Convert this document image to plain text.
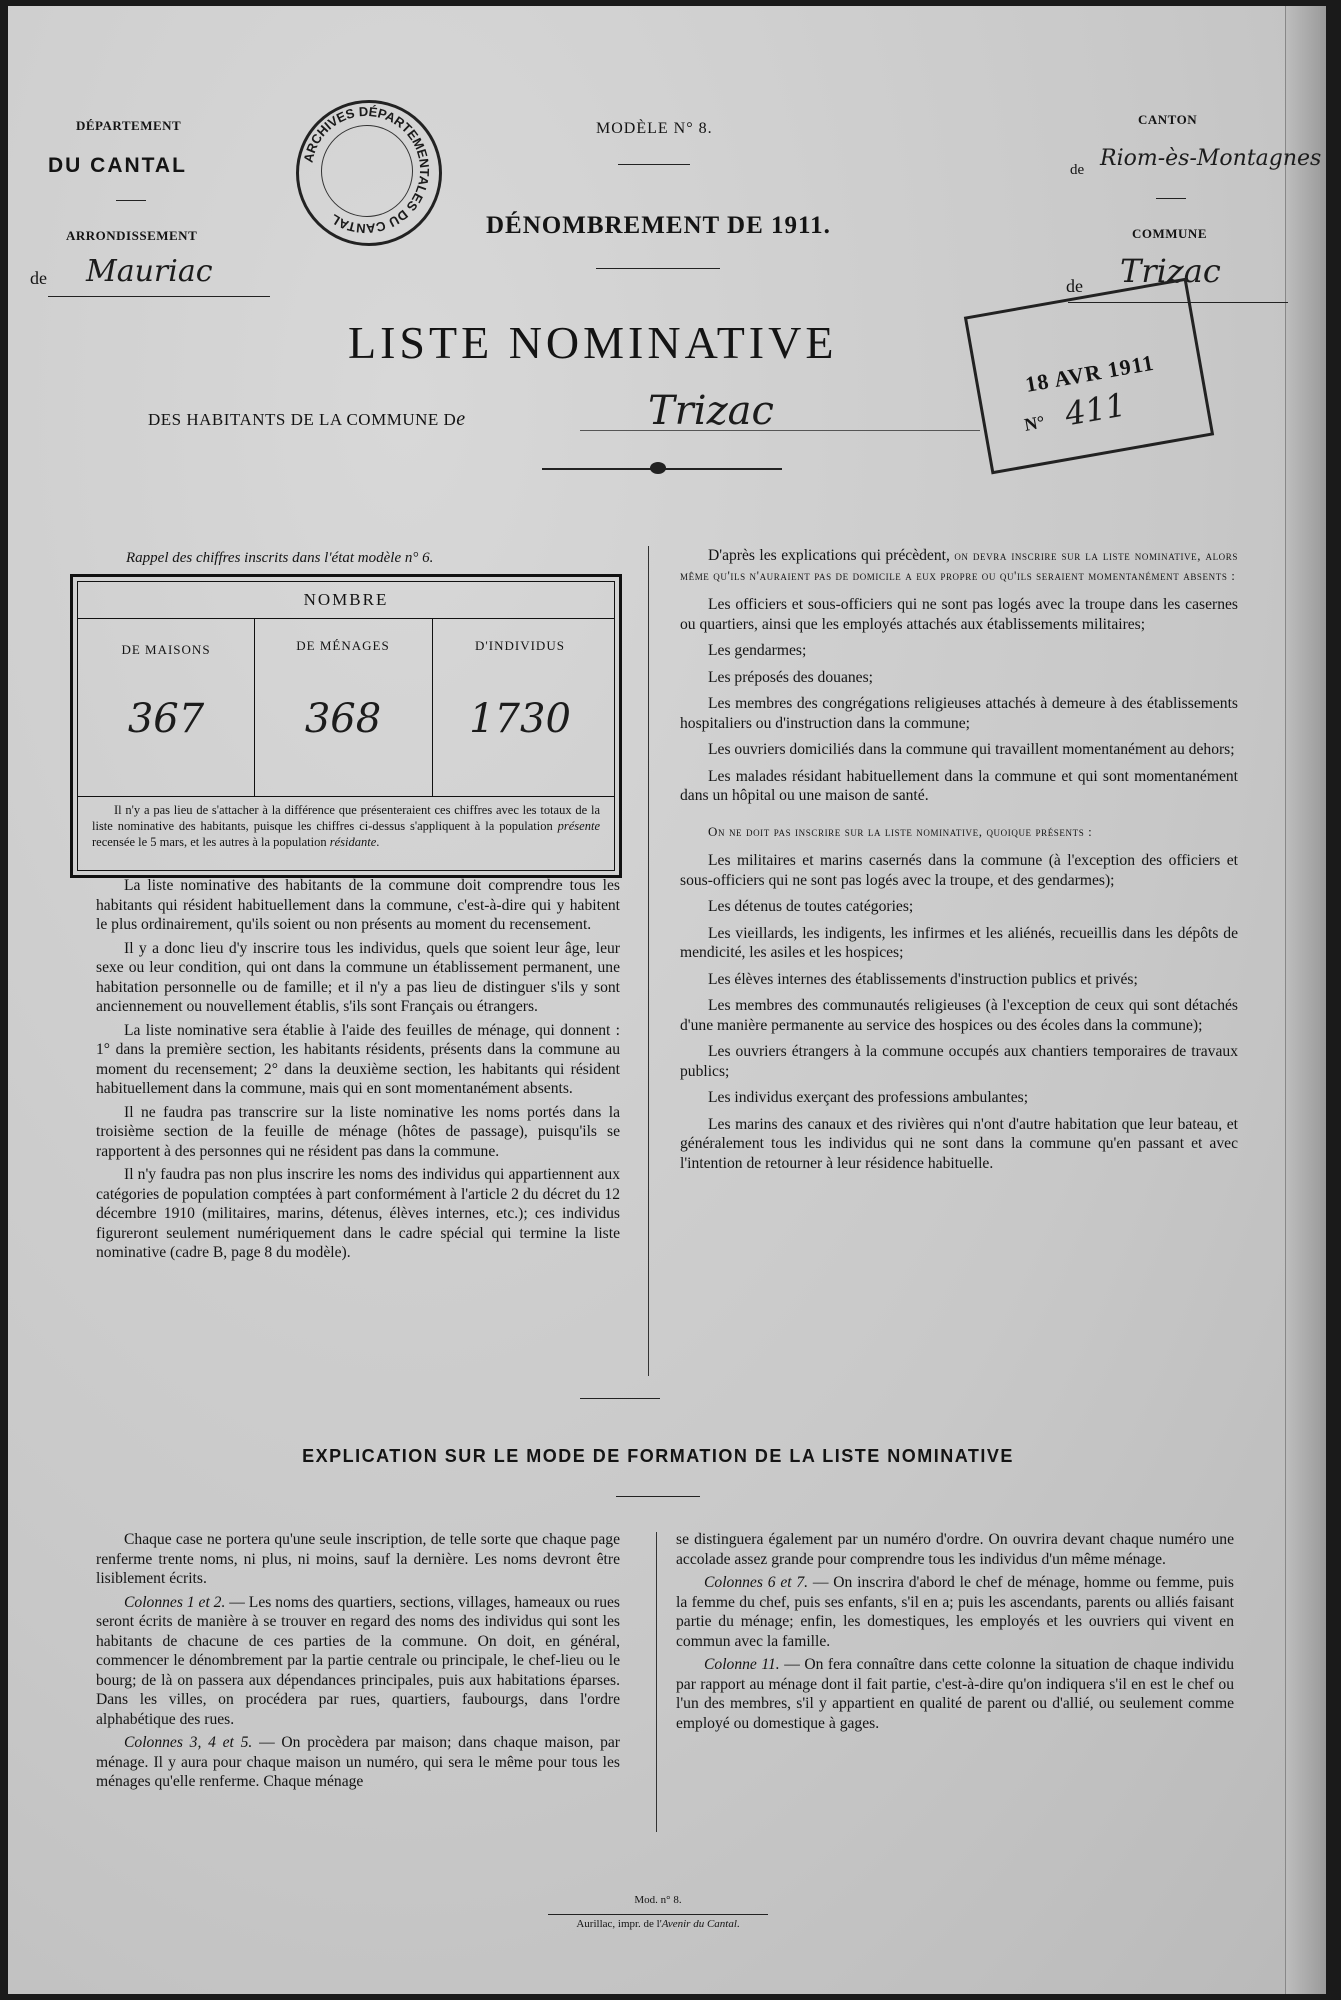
DÉPARTEMENT
DU CANTAL
ARRONDISSEMENT
de Mauriac
ARCHIVES DÉPARTEMENTALES DU CANTAL
MODÈLE N° 8.
DÉNOMBREMENT DE 1911.
CANTON
de Riom-ès-Montagnes
COMMUNE
de Trizac
18 AVR 1911
N° 411
LISTE NOMINATIVE
DES HABITANTS DE LA COMMUNE De	Trizac
Rappel des chiffres inscrits dans l'état modèle n° 6.
NOMBRE
DE MAISONS	DE MÉNAGES	D'INDIVIDUS
367	368	1730
Il n'y a pas lieu de s'attacher à la différence que présenteraient ces chiffres avec les totaux de la liste nominative des habitants, puisque les chiffres ci-dessus s'appliquent à la population présente recensée le 5 mars, et les autres à la population résidante.

La liste nominative des habitants de la commune doit comprendre tous les habitants qui résident habituellement dans la commune, c'est-à-dire qui y habitent le plus ordinairement, qu'ils soient ou non présents au moment du recensement.

Il y a donc lieu d'y inscrire tous les individus, quels que soient leur âge, leur sexe ou leur condition, qui ont dans la commune un établissement permanent, une habitation personnelle ou de famille; et il n'y a pas lieu de distinguer s'ils y sont anciennement ou nouvellement établis, s'ils sont Français ou étrangers.

La liste nominative sera établie à l'aide des feuilles de ménage, qui donnent : 1° dans la première section, les habitants résidents, présents dans la commune au moment du recensement; 2° dans la deuxième section, les habitants qui résident habituellement dans la commune, mais qui en sont momentanément absents.

Il ne faudra pas transcrire sur la liste nominative les noms portés dans la troisième section de la feuille de ménage (hôtes de passage), puisqu'ils se rapportent à des personnes qui ne résident pas dans la commune.

Il n'y faudra pas non plus inscrire les noms des individus qui appartiennent aux catégories de population comptées à part conformément à l'article 2 du décret du 12 décembre 1910 (militaires, marins, détenus, élèves internes, etc.); ces individus figureront seulement numériquement dans le cadre spécial qui termine la liste nominative (cadre B, page 8 du modèle).

D'après les explications qui précèdent, on devra inscrire sur la liste nominative, alors même qu'ils n'auraient pas de domicile a eux propre ou qu'ils seraient momentanément absents :

Les officiers et sous-officiers qui ne sont pas logés avec la troupe dans les casernes ou quartiers, ainsi que les employés attachés aux établissements militaires;

Les gendarmes;

Les préposés des douanes;

Les membres des congrégations religieuses attachés à demeure à des établissements hospitaliers ou d'instruction dans la commune;

Les ouvriers domiciliés dans la commune qui travaillent momentanément au dehors;

Les malades résidant habituellement dans la commune et qui sont momentanément dans un hôpital ou une maison de santé.

On ne doit pas inscrire sur la liste nominative, quoique présents :

Les militaires et marins casernés dans la commune (à l'exception des officiers et sous-officiers qui ne sont pas logés avec la troupe, et des gendarmes);

Les détenus de toutes catégories;

Les vieillards, les indigents, les infirmes et les aliénés, recueillis dans les dépôts de mendicité, les asiles et les hospices;

Les élèves internes des établissements d'instruction publics et privés;

Les membres des communautés religieuses (à l'exception de ceux qui sont détachés d'une manière permanente au service des hospices ou des écoles dans la commune);

Les ouvriers étrangers à la commune occupés aux chantiers temporaires de travaux publics;

Les individus exerçant des professions ambulantes;

Les marins des canaux et des rivières qui n'ont d'autre habitation que leur bateau, et généralement tous les individus qui ne sont dans la commune qu'en passant et avec l'intention de retourner à leur résidence habituelle.

EXPLICATION SUR LE MODE DE FORMATION DE LA LISTE NOMINATIVE

Chaque case ne portera qu'une seule inscription, de telle sorte que chaque page renferme trente noms, ni plus, ni moins, sauf la dernière. Les noms devront être lisiblement écrits.

Colonnes 1 et 2. — Les noms des quartiers, sections, villages, hameaux ou rues seront écrits de manière à se trouver en regard des noms des individus qui sont les habitants de chacune de ces parties de la commune. On doit, en général, commencer le dénombrement par la partie centrale ou principale, le chef-lieu ou le bourg; de là on passera aux dépendances principales, puis aux habitations éparses. Dans les villes, on procédera par rues, quartiers, faubourgs, dans l'ordre alphabétique des rues.

Colonnes 3, 4 et 5. — On procèdera par maison; dans chaque maison, par ménage. Il y aura pour chaque maison un numéro, qui sera le même pour tous les ménages qu'elle renferme. Chaque ménage

se distinguera également par un numéro d'ordre. On ouvrira devant chaque numéro une accolade assez grande pour comprendre tous les individus d'un même ménage.

Colonnes 6 et 7. — On inscrira d'abord le chef de ménage, homme ou femme, puis la femme du chef, puis ses enfants, s'il en a; puis les ascendants, parents ou alliés faisant partie du ménage; enfin, les domestiques, les employés et les ouvriers qui vivent en commun avec la famille.

Colonne 11. — On fera connaître dans cette colonne la situation de chaque individu par rapport au ménage dont il fait partie, c'est-à-dire qu'on indiquera s'il en est le chef ou l'un des membres, s'il y appartient en qualité de parent ou d'allié, ou seulement comme employé ou domestique à gages.

Mod. n° 8.
Aurillac, impr. de l'Avenir du Cantal.
